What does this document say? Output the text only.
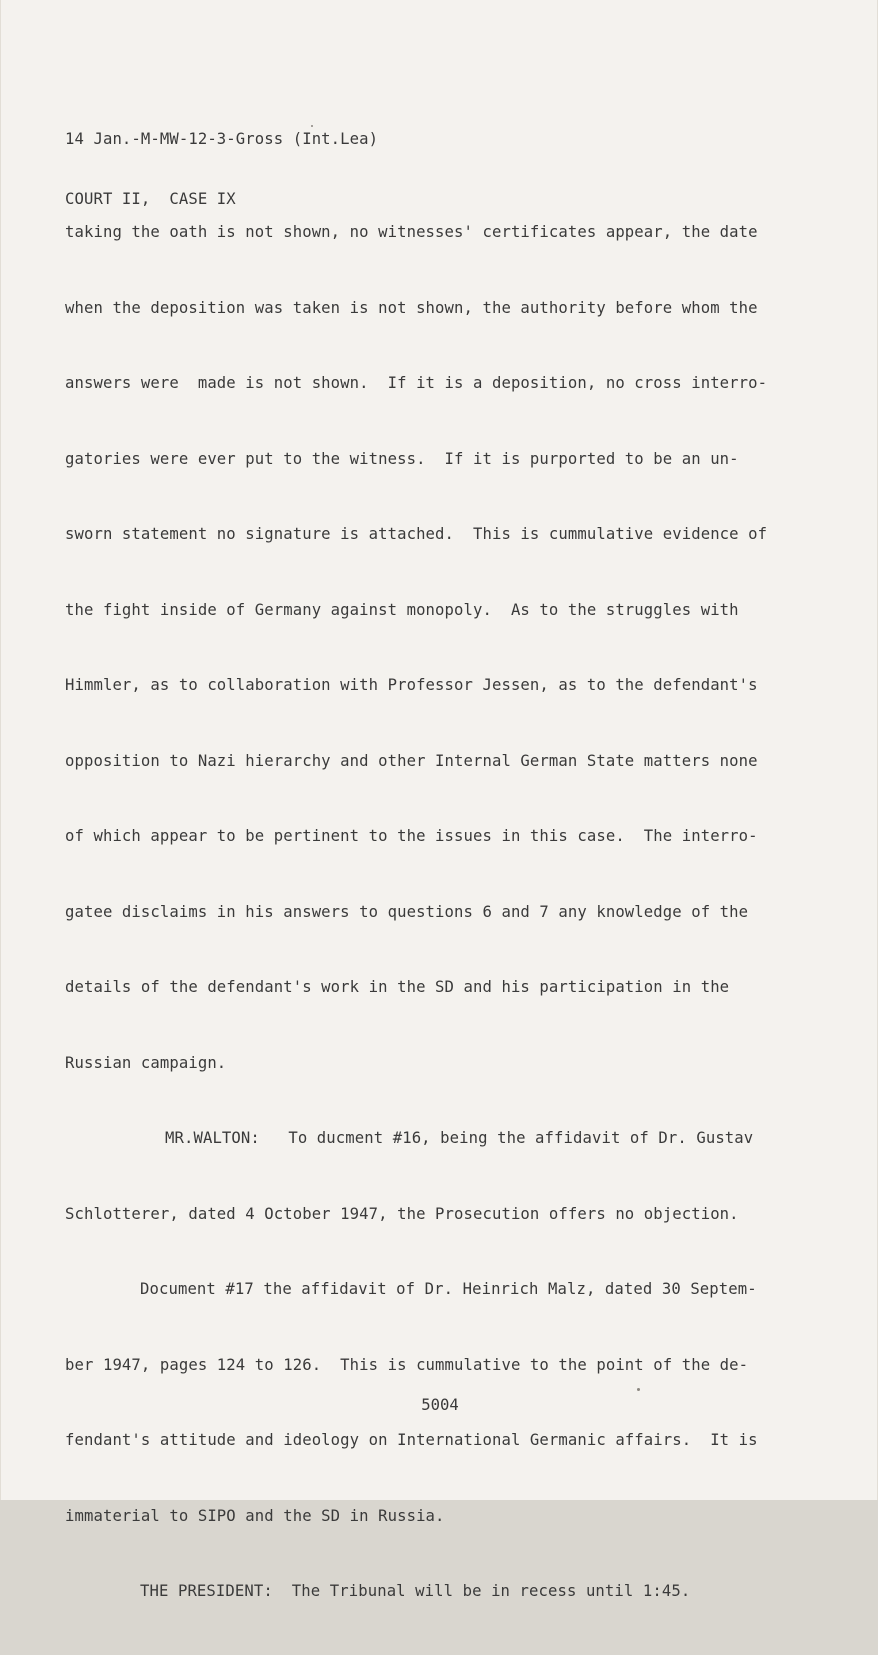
14 Jan.-M-MW-12-3-Gross (Int.Lea)

COURT II,  CASE IX

taking the oath is not shown, no witnesses' certificates appear, the date

when the deposition was taken is not shown, the authority before whom the

answers were  made is not shown.  If it is a deposition, no cross interro-

gatories were ever put to the witness.  If it is purported to be an un-

sworn statement no signature is attached.  This is cummulative evidence of

the fight inside of Germany against monopoly.  As to the struggles with

Himmler, as to collaboration with Professor Jessen, as to the defendant's

opposition to Nazi hierarchy and other Internal German State matters none

of which appear to be pertinent to the issues in this case.  The interro-

gatee disclaims in his answers to questions 6 and 7 any knowledge of the

details of the defendant's work in the SD and his participation in the

Russian campaign.

MR.WALTON:   To ducment #16, being the affidavit of Dr. Gustav

Schlotterer, dated 4 October 1947, the Prosecution offers no objection.

Document #17 the affidavit of Dr. Heinrich Malz, dated 30 Septem-

ber 1947, pages 124 to 126.  This is cummulative to the point of the de-

fendant's attitude and ideology on International Germanic affairs.  It is

immaterial to SIPO and the SD in Russia.

THE PRESIDENT:  The Tribunal will be in recess until 1:45.

5004
